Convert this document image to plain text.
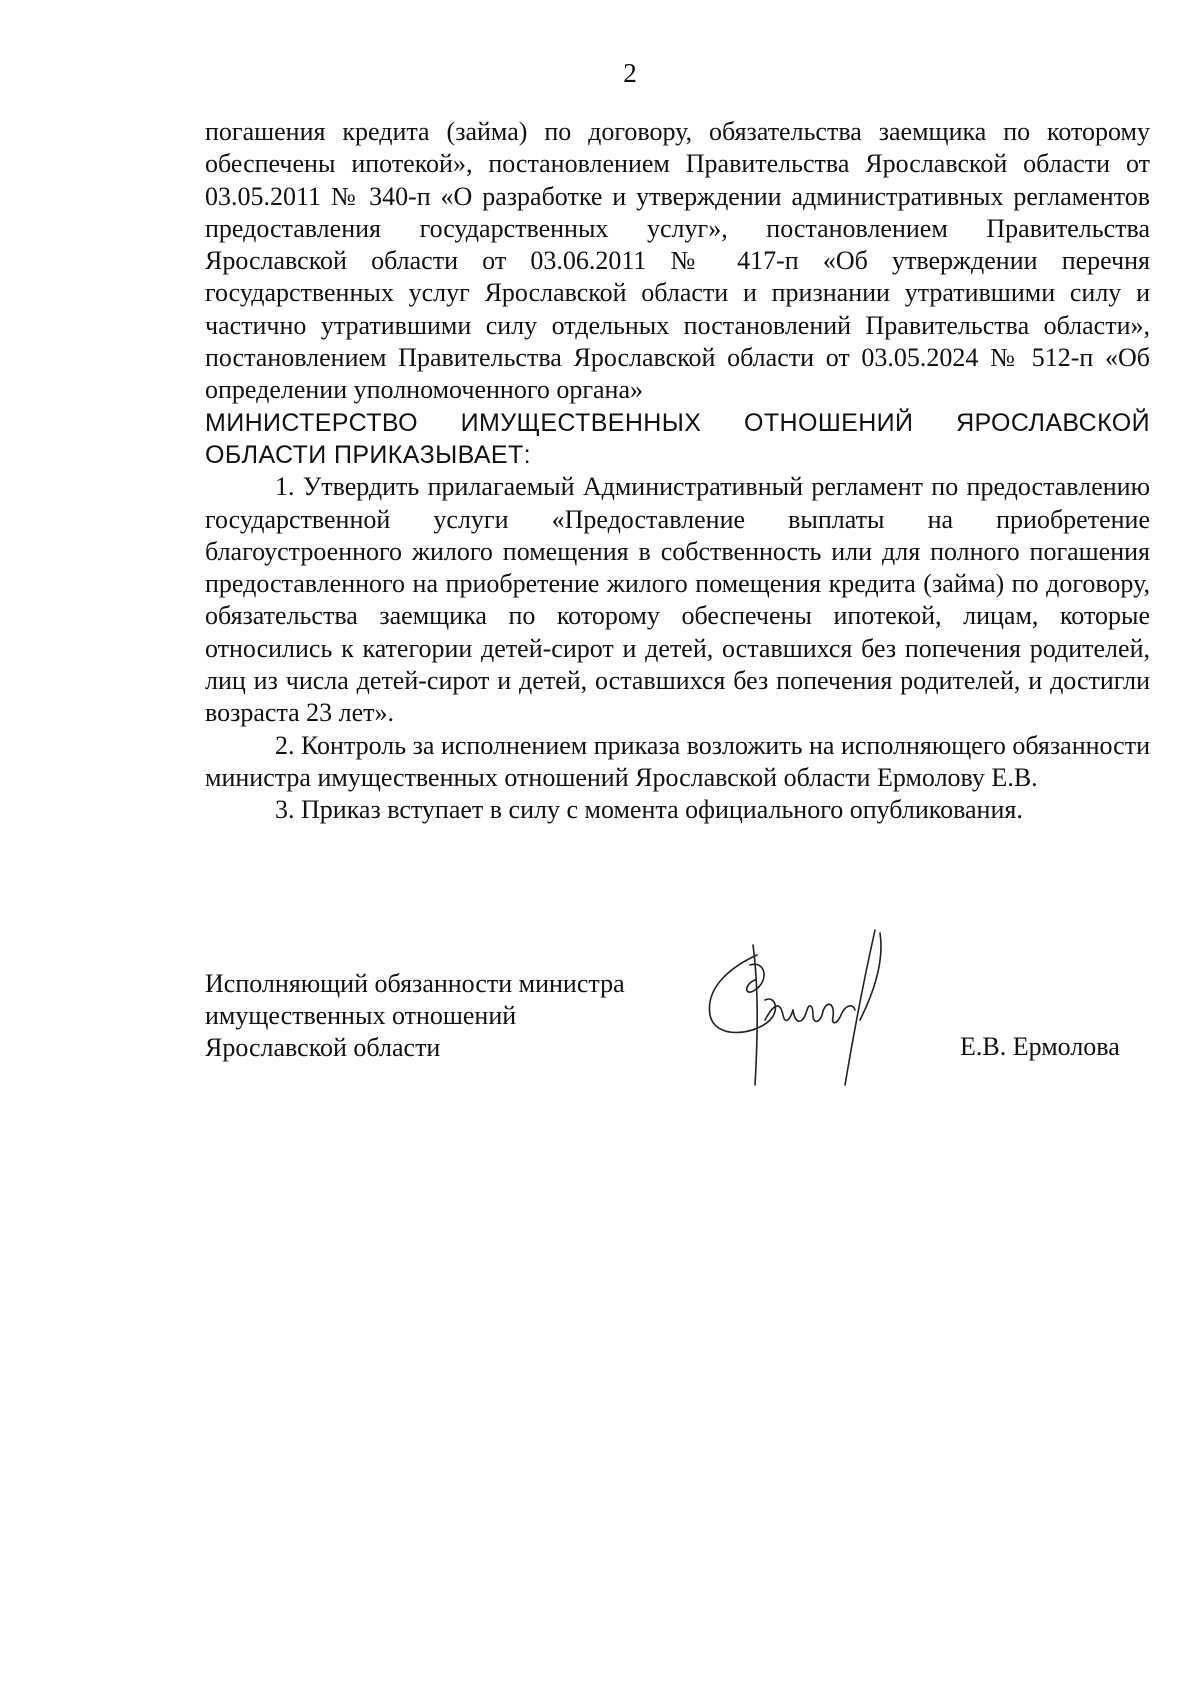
2

погашения кредита (займа) по договору, обязательства заемщика по которому обеспечены ипотекой», постановлением Правительства Ярославской области от 03.05.2011 № 340-п «О разработке и утверждении административных регламентов предоставления государственных услуг», постановлением Правительства Ярославской области от 03.06.2011 № 417-п «Об утверждении перечня государственных услуг Ярославской области и признании утратившими силу и частично утратившими силу отдельных постановлений Правительства области», постановлением Правительства Ярославской области от 03.05.2024 № 512-п «Об определении уполномоченного органа»

МИНИСТЕРСТВО ИМУЩЕСТВЕННЫХ ОТНОШЕНИЙ ЯРОСЛАВСКОЙ ОБЛАСТИ ПРИКАЗЫВАЕТ:

1. Утвердить прилагаемый Административный регламент по предоставлению государственной услуги «Предоставление выплаты на приобретение благоустроенного жилого помещения в собственность или для полного погашения предоставленного на приобретение жилого помещения кредита (займа) по договору, обязательства заемщика по которому обеспечены ипотекой, лицам, которые относились к категории детей-сирот и детей, оставшихся без попечения родителей, лиц из числа детей-сирот и детей, оставшихся без попечения родителей, и достигли возраста 23 лет».

2. Контроль за исполнением приказа возложить на исполняющего обязанности министра имущественных отношений Ярославской области Ермолову Е.В.

3. Приказ вступает в силу с момента официального опубликования.

Исполняющий обязанности министра
имущественных отношений
Ярославской области	Е.В. Ермолова
